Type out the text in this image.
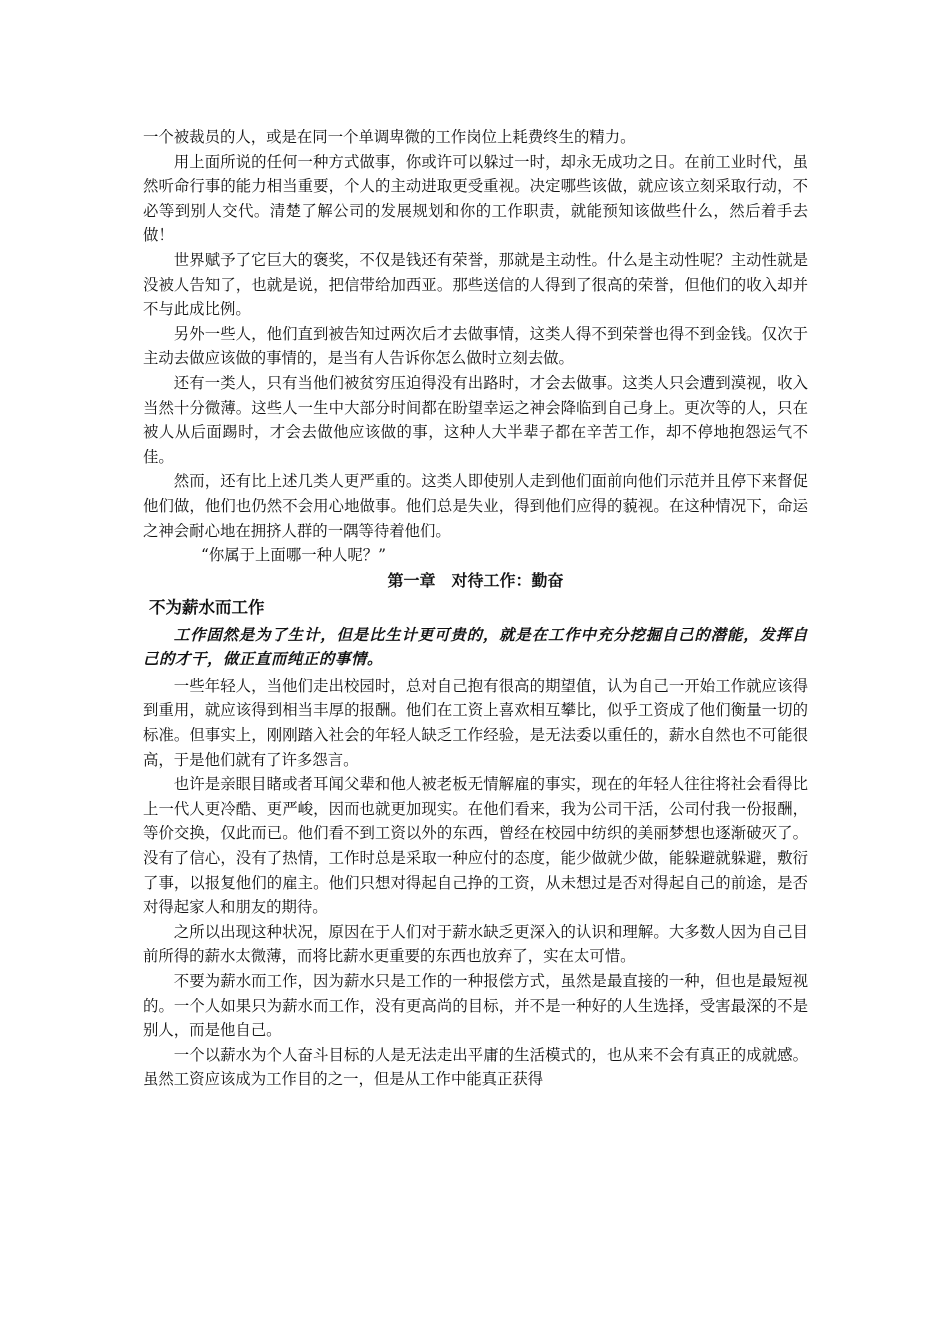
一个被裁员的人，或是在同一个单调卑微的工作岗位上耗费终生的精力。

用上面所说的任何一种方式做事，你或许可以躲过一时，却永无成功之日。在前工业时代，虽然听命行事的能力相当重要，个人的主动进取更受重视。决定哪些该做，就应该立刻采取行动，不必等到别人交代。清楚了解公司的发展规划和你的工作职责，就能预知该做些什么，然后着手去做！

世界赋予了它巨大的褒奖，不仅是钱还有荣誉，那就是主动性。什么是主动性呢？主动性就是没被人告知了，也就是说，把信带给加西亚。那些送信的人得到了很高的荣誉，但他们的收入却并不与此成比例。

另外一些人，他们直到被告知过两次后才去做事情，这类人得不到荣誉也得不到金钱。仅次于主动去做应该做的事情的，是当有人告诉你怎么做时立刻去做。

还有一类人，只有当他们被贫穷压迫得没有出路时，才会去做事。这类人只会遭到漠视，收入当然十分微薄。这些人一生中大部分时间都在盼望幸运之神会降临到自己身上。更次等的人，只在被人从后面踢时，才会去做他应该做的事，这种人大半辈子都在辛苦工作，却不停地抱怨运气不佳。

然而，还有比上述几类人更严重的。这类人即使别人走到他们面前向他们示范并且停下来督促他们做，他们也仍然不会用心地做事。他们总是失业，得到他们应得的藐视。在这种情况下，命运之神会耐心地在拥挤人群的一隅等待着他们。

“你属于上面哪一种人呢？”

第一章　对待工作：勤奋
不为薪水而工作

工作固然是为了生计，但是比生计更可贵的，就是在工作中充分挖掘自己的潜能，发挥自己的才干，做正直而纯正的事情。

一些年轻人，当他们走出校园时，总对自己抱有很高的期望值，认为自己一开始工作就应该得到重用，就应该得到相当丰厚的报酬。他们在工资上喜欢相互攀比，似乎工资成了他们衡量一切的标准。但事实上，刚刚踏入社会的年轻人缺乏工作经验，是无法委以重任的，薪水自然也不可能很高，于是他们就有了许多怨言。

也许是亲眼目睹或者耳闻父辈和他人被老板无情解雇的事实，现在的年轻人往往将社会看得比上一代人更冷酷、更严峻，因而也就更加现实。在他们看来，我为公司干活，公司付我一份报酬，等价交换，仅此而已。他们看不到工资以外的东西，曾经在校园中纺织的美丽梦想也逐渐破灭了。没有了信心，没有了热情，工作时总是采取一种应付的态度，能少做就少做，能躲避就躲避，敷衍了事，以报复他们的雇主。他们只想对得起自己挣的工资，从未想过是否对得起自己的前途，是否对得起家人和朋友的期待。

之所以出现这种状况，原因在于人们对于薪水缺乏更深入的认识和理解。大多数人因为自己目前所得的薪水太微薄，而将比薪水更重要的东西也放弃了，实在太可惜。

不要为薪水而工作，因为薪水只是工作的一种报偿方式，虽然是最直接的一种，但也是最短视的。一个人如果只为薪水而工作，没有更高尚的目标，并不是一种好的人生选择，受害最深的不是别人，而是他自己。

一个以薪水为个人奋斗目标的人是无法走出平庸的生活模式的，也从来不会有真正的成就感。虽然工资应该成为工作目的之一，但是从工作中能真正获得
